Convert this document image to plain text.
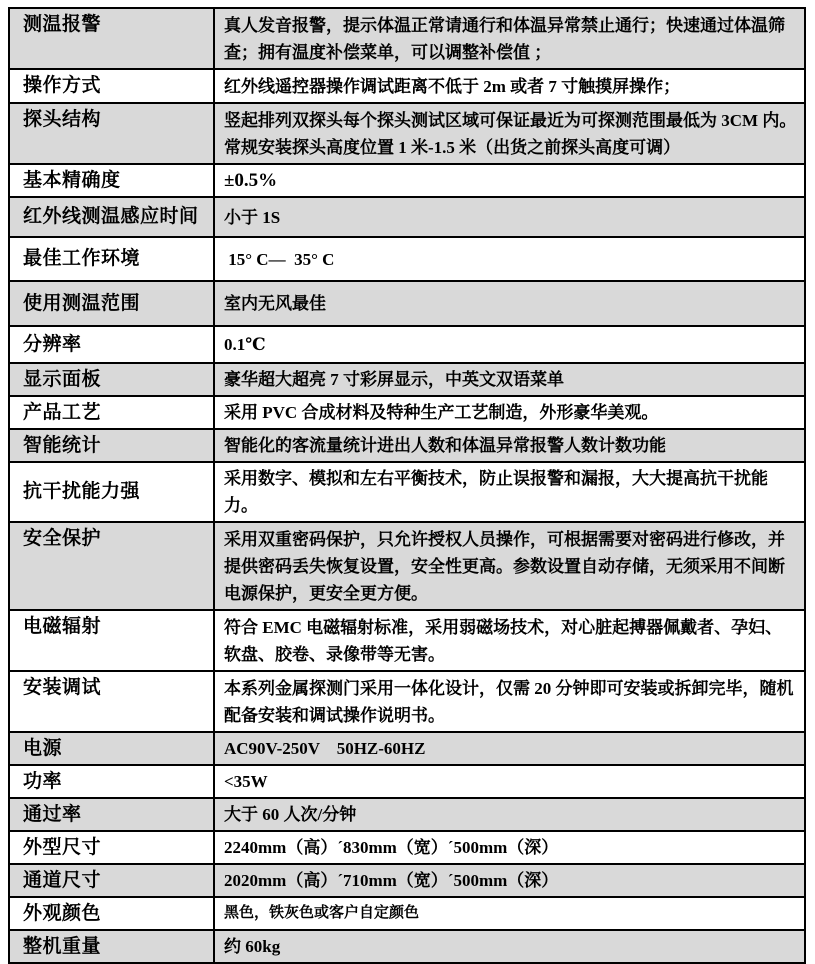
测温报警	真人发音报警，提示体温正常请通行和体温异常禁止通行；快速通过体温筛查；拥有温度补偿菜单，可以调整补偿值 ；
操作方式	红外线遥控器操作调试距离不低于 2m 或者 7 寸触摸屏操作；
探头结构	竖起排列双探头每个探头测试区域可保证最近为可探测范围最低为 3CM 内。常规安装探头高度位置 1 米-1.5 米（出货之前探头高度可调）
基本精确度	±0.5%
红外线测温感应时间	小于 1S
最佳工作环境	15° C—  35° C
使用测温范围	室内无风最佳
分辨率	0.1℃
显示面板	豪华超大超亮 7 寸彩屏显示，中英文双语菜单
产品工艺	采用 PVC 合成材料及特种生产工艺制造，外形豪华美观。
智能统计	智能化的客流量统计进出人数和体温异常报警人数计数功能
抗干扰能力强	采用数字、模拟和左右平衡技术，防止误报警和漏报，大大提高抗干扰能力。
安全保护	采用双重密码保护，只允许授权人员操作，可根据需要对密码进行修改，并提供密码丢失恢复设置，安全性更高。参数设置自动存储，无须采用不间断电源保护，更安全更方便。
电磁辐射	符合 EMC 电磁辐射标准，采用弱磁场技术，对心脏起搏器佩戴者、孕妇、软盘、胶卷、录像带等无害。
安装调试	本系列金属探测门采用一体化设计，仅需 20 分钟即可安装或拆卸完毕，随机配备安装和调试操作说明书。
电源	AC90V-250V    50HZ-60HZ
功率	<35W
通过率	大于 60 人次/分钟
外型尺寸	2240mm（高）´830mm（宽）´500mm（深）
通道尺寸	2020mm（高）´710mm（宽）´500mm（深）
外观颜色	黑色，铁灰色或客户自定颜色
整机重量	约 60kg
